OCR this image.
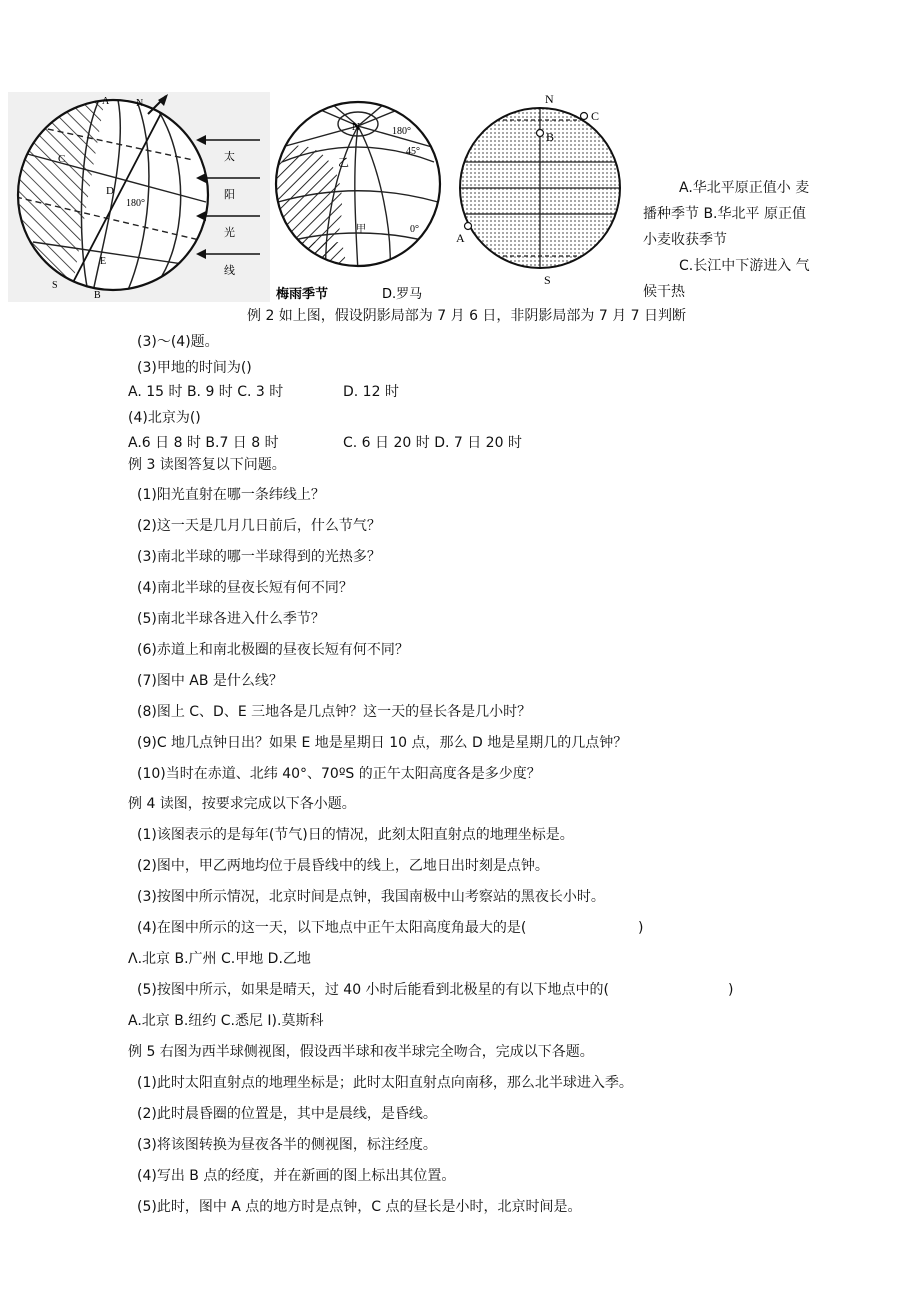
A	N
C
D
180°
E
S
B
太
阳
光
线
N	180°
45°
乙
甲	0°
梅雨季节	D.罗马
N
C
B
A
S
A.华北平原正值小 麦
播种季节 B.华北平 原正值
小麦收获季节
C.长江中下游进入 气
候干热
例 2 如上图，假设阴影局部为 7 月 6 日，非阴影局部为 7 月 7 日判断
(3)〜(4)题。
(3)甲地的时间为()
A. 15 时 B. 9 时 C. 3 时	D. 12 时
(4)北京为()
A.6 日 8 时 B.7 日 8 时	C. 6 日 20 时 D. 7 日 20 时
例 3 读图答复以下问题。
(1)阳光直射在哪一条纬线上？
(2)这一天是几月几日前后，什么节气？
(3)南北半球的哪一半球得到的光热多？
(4)南北半球的昼夜长短有何不同？
(5)南北半球各进入什么季节？
(6)赤道上和南北极圈的昼夜长短有何不同？
(7)图中 AB 是什么线？
(8)图上 C、D、E 三地各是几点钟？这一天的昼长各是几小时？
(9)C 地几点钟日出？如果 E 地是星期日 10 点，那么 D 地是星期几的几点钟？
(10)当时在赤道、北纬 40°、70ºS 的正午太阳高度各是多少度？
例 4 读图，按要求完成以下各小题。
(1)该图表示的是每年(节气)日的情况，此刻太阳直射点的地理坐标是。
(2)图中，甲乙两地均位于晨昏线中的线上，乙地日出时刻是点钟。
(3)按图中所示情况，北京时间是点钟，我国南极中山考察站的黑夜长小时。
(4)在图中所示的这一天，以下地点中正午太阳高度角最大的是(	)
Λ.北京 B.广州 C.甲地 D.乙地
(5)按图中所示，如果是晴天，过 40 小时后能看到北极星的有以下地点中的(	)
A.北京 B.纽约 C.悉尼 I).莫斯科
例 5 右图为西半球侧视图，假设西半球和夜半球完全吻合，完成以下各题。
(1)此时太阳直射点的地理坐标是；此时太阳直射点向南移，那么北半球进入季。
(2)此时晨昏圈的位置是，其中是晨线，是昏线。
(3)将该图转换为昼夜各半的侧视图，标注经度。
(4)写出 B 点的经度，并在新画的图上标出其位置。
(5)此时，图中 A 点的地方时是点钟，C 点的昼长是小时，北京时间是。
